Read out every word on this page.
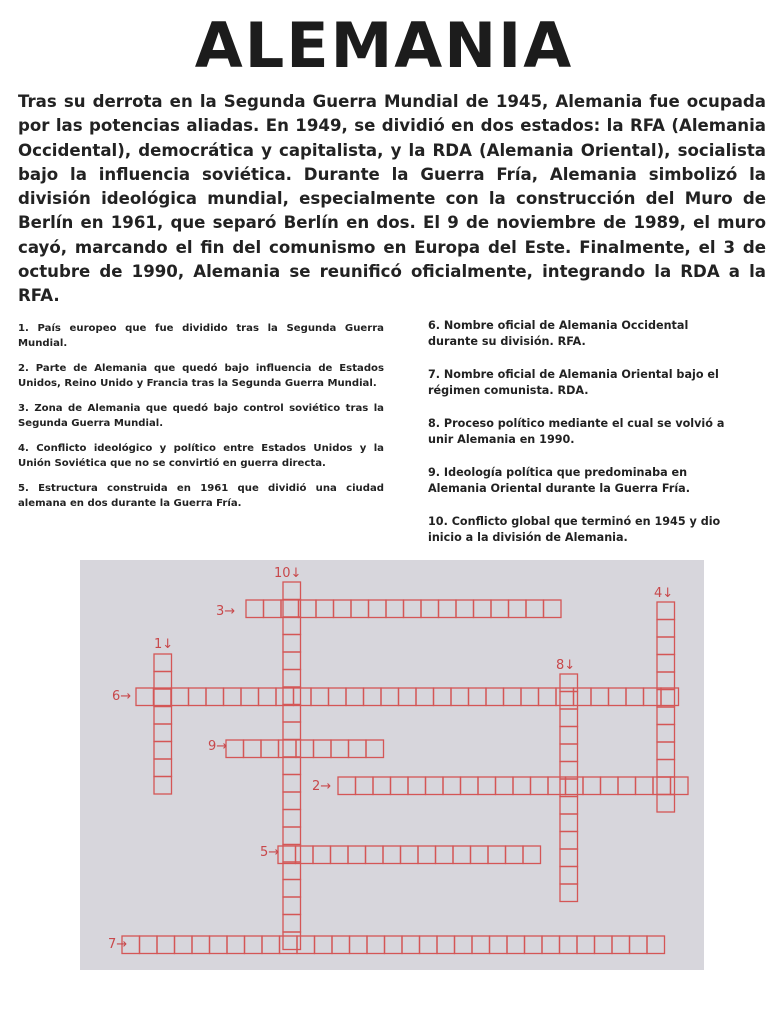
ALEMANIA
Tras su derrota en la Segunda Guerra Mundial de 1945, Alemania fue ocupada por las potencias aliadas. En 1949, se dividió en dos estados: la RFA (Alemania Occidental), democrática y capitalista, y la RDA (Alemania Oriental), socialista bajo la influencia soviética. Durante la Guerra Fría, Alemania simbolizó la división ideológica mundial, especialmente con la construcción del Muro de Berlín en 1961, que separó Berlín en dos. El 9 de noviembre de 1989, el muro cayó, marcando el fin del comunismo en Europa del Este. Finalmente, el 3 de octubre de 1990, Alemania se reunificó oficialmente, integrando la RDA a la RFA.

1. País europeo que fue dividido tras la Segunda Guerra Mundial.

2. Parte de Alemania que quedó bajo influencia de Estados Unidos, Reino Unido y Francia tras la Segunda Guerra Mundial.

3. Zona de Alemania que quedó bajo control soviético tras la Segunda Guerra Mundial.

4. Conflicto ideológico y político entre Estados Unidos y la Unión Soviética que no se convirtió en guerra directa.

5. Estructura construida en 1961 que dividió una ciudad alemana en dos durante la Guerra Fría.

6. Nombre oficial de Alemania Occidental durante su división. RFA.

7. Nombre oficial de Alemania Oriental bajo el régimen comunista. RDA.

8. Proceso político mediante el cual se volvió a unir Alemania en 1990.

9. Ideología política que predominaba en Alemania Oriental durante la Guerra Fría.

10. Conflicto global que terminó en 1945 y dio inicio a la división de Alemania.

10↓
3→
4↓
1↓
8↓
6→
9→
2→
5→
7→
